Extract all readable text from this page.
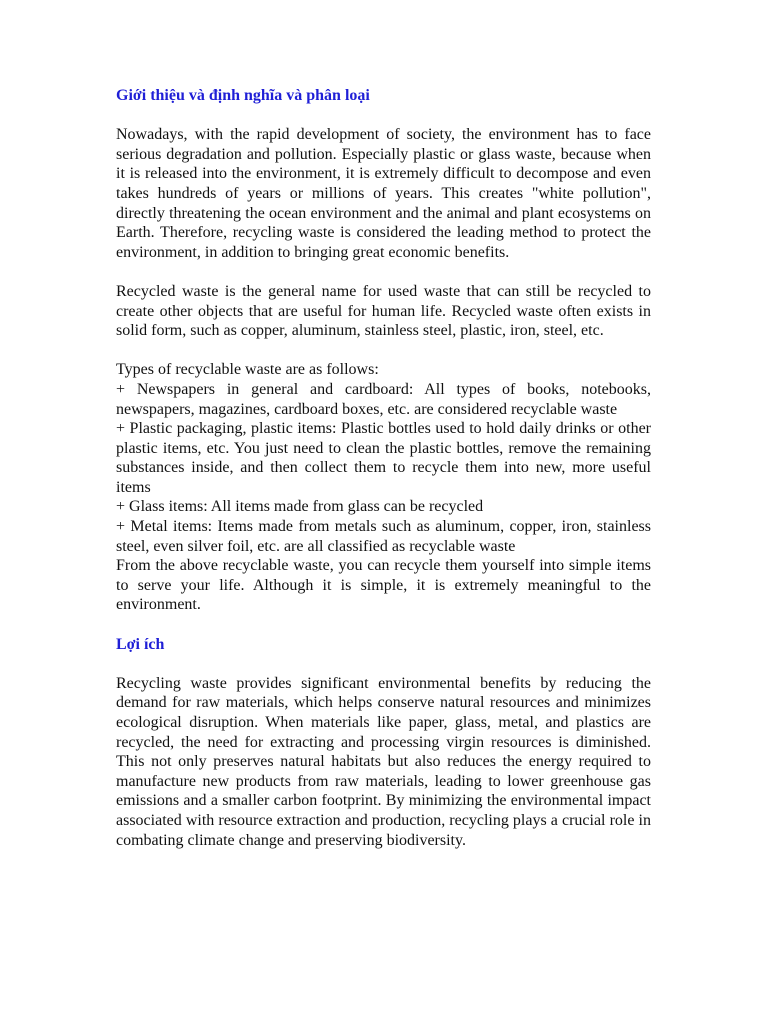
Giới thiệu và định nghĩa và phân loại

Nowadays, with the rapid development of society, the environment has to face serious degradation and pollution. Especially plastic or glass waste, because when it is released into the environment, it is extremely difficult to decompose and even takes hundreds of years or millions of years. This creates "white pollution", directly threatening the ocean environment and the animal and plant ecosystems on Earth. Therefore, recycling waste is considered the leading method to protect the environment, in addition to bringing great economic benefits.

Recycled waste is the general name for used waste that can still be recycled to create other objects that are useful for human life. Recycled waste often exists in solid form, such as copper, aluminum, stainless steel, plastic, iron, steel, etc.

Types of recyclable waste are as follows:

+ Newspapers in general and cardboard: All types of books, notebooks, newspapers, magazines, cardboard boxes, etc. are considered recyclable waste

+ Plastic packaging, plastic items: Plastic bottles used to hold daily drinks or other plastic items, etc. You just need to clean the plastic bottles, remove the remaining substances inside, and then collect them to recycle them into new, more useful items

+ Glass items: All items made from glass can be recycled

+ Metal items: Items made from metals such as aluminum, copper, iron, stainless steel, even silver foil, etc. are all classified as recyclable waste

From the above recyclable waste, you can recycle them yourself into simple items to serve your life. Although it is simple, it is extremely meaningful to the environment.

Lợi ích

Recycling waste provides significant environmental benefits by reducing the demand for raw materials, which helps conserve natural resources and minimizes ecological disruption. When materials like paper, glass, metal, and plastics are recycled, the need for extracting and processing virgin resources is diminished. This not only preserves natural habitats but also reduces the energy required to manufacture new products from raw materials, leading to lower greenhouse gas emissions and a smaller carbon footprint. By minimizing the environmental impact associated with resource extraction and production, recycling plays a crucial role in combating climate change and preserving biodiversity.
